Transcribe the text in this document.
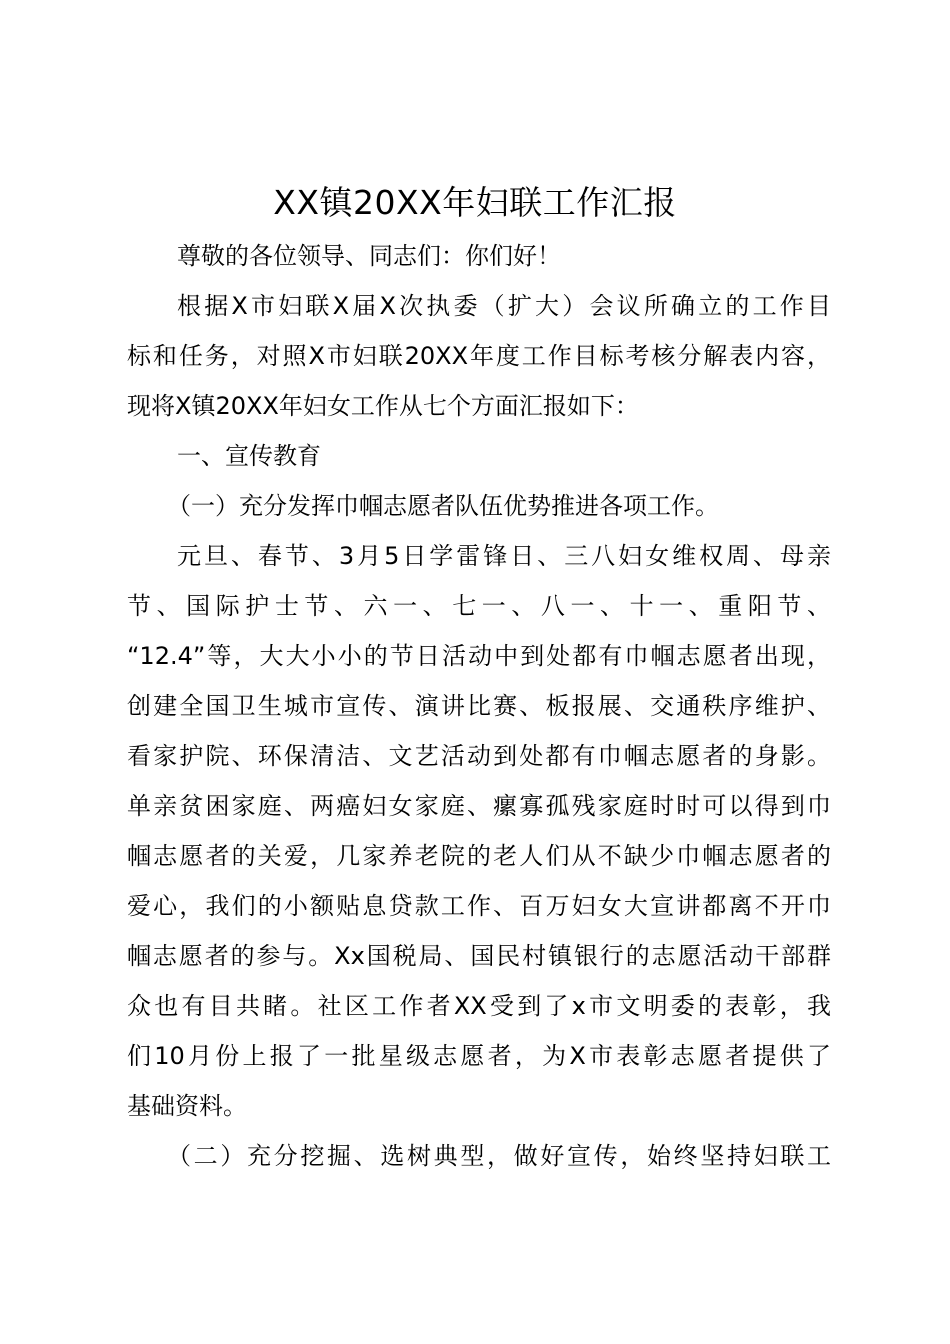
XX镇20XX年妇联工作汇报
尊敬的各位领导、同志们：你们好！
根据X市妇联X届X次执委（扩大）会议所确立的工作目
标和任务，对照X市妇联20XX年度工作目标考核分解表内容，
现将X镇20XX年妇女工作从七个方面汇报如下：
一、宣传教育
（一）充分发挥巾帼志愿者队伍优势推进各项工作。
元旦、春节、3月5日学雷锋日、三八妇女维权周、母亲
节、国际护士节、六一、七一、八一、十一、重阳节、
“12.4”等，大大小小的节日活动中到处都有巾帼志愿者出现，
创建全国卫生城市宣传、演讲比赛、板报展、交通秩序维护、
看家护院、环保清洁、文艺活动到处都有巾帼志愿者的身影。
单亲贫困家庭、两癌妇女家庭、瘰寡孤残家庭时时可以得到巾
帼志愿者的关爱，几家养老院的老人们从不缺少巾帼志愿者的
爱心，我们的小额贴息贷款工作、百万妇女大宣讲都离不开巾
帼志愿者的参与。Xx国税局、国民村镇银行的志愿活动干部群
众也有目共睹。社区工作者XX受到了x市文明委的表彰，我
们10月份上报了一批星级志愿者，为X市表彰志愿者提供了
基础资料。
（二）充分挖掘、选树典型，做好宣传，始终坚持妇联工
